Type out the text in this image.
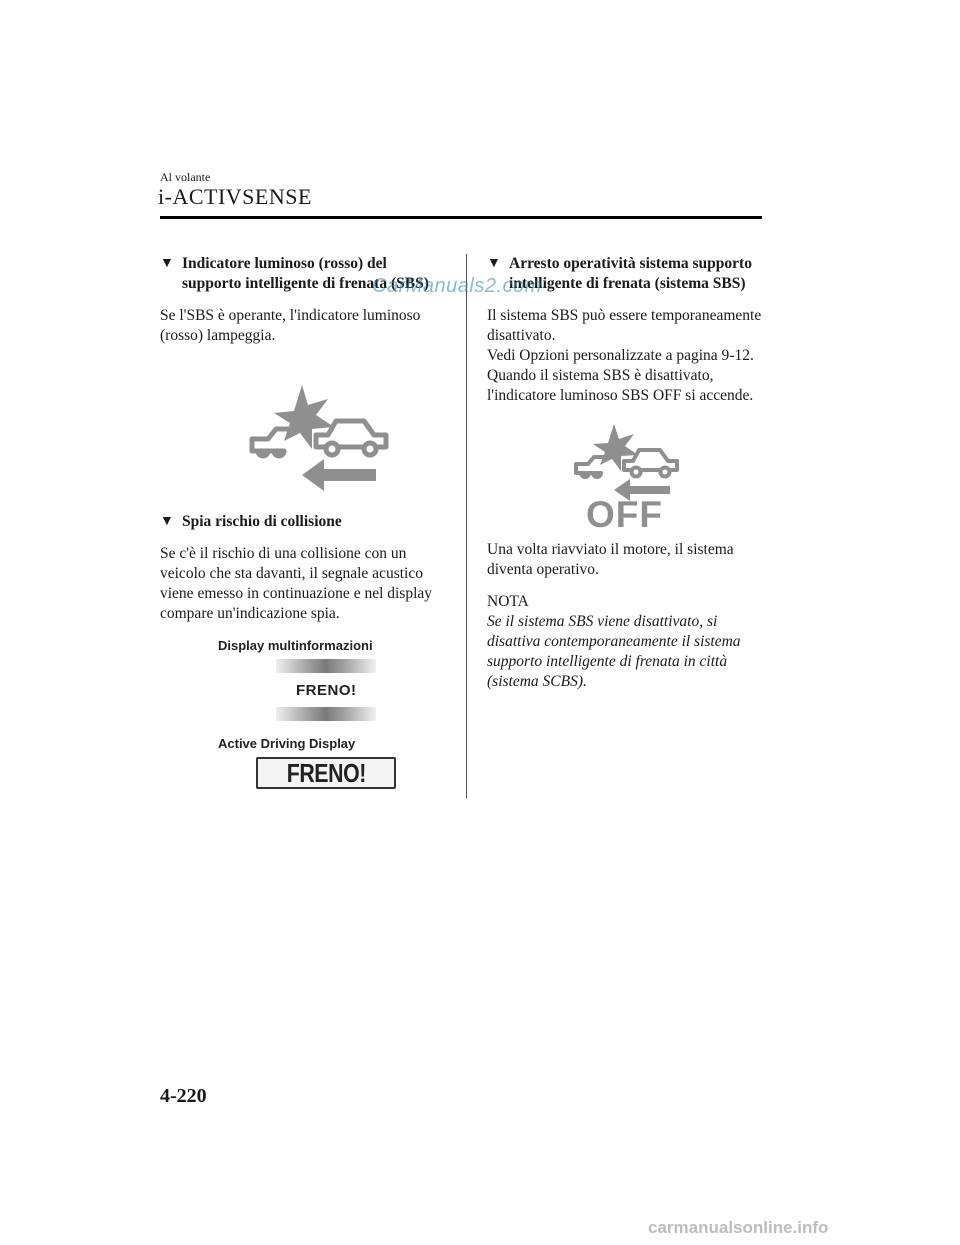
Al volante
i-ACTIVSENSE
▼ Indicatore luminoso (rosso) del supporto intelligente di frenata (SBS)

Se l'SBS è operante, l'indicatore luminoso (rosso) lampeggia.

▼ Spia rischio di collisione

Se c'è il rischio di una collisione con un veicolo che sta davanti, il segnale acustico viene emesso in continuazione e nel display compare un'indicazione spia.

Display multinformazioni
FRENO!
Active Driving Display
FRENO!
▼ Arresto operatività sistema supporto intelligente di frenata (sistema SBS)

Il sistema SBS può essere temporaneamente disattivato.

Vedi Opzioni personalizzate a pagina 9-12.

Quando il sistema SBS è disattivato, l'indicatore luminoso SBS OFF si accende.

OFF

Una volta riavviato il motore, il sistema diventa operativo.

NOTA

Se il sistema SBS viene disattivato, si disattiva contemporaneamente il sistema supporto intelligente di frenata in città (sistema SCBS).

4-220
CarManuals2.com
carmanualsonline.info
